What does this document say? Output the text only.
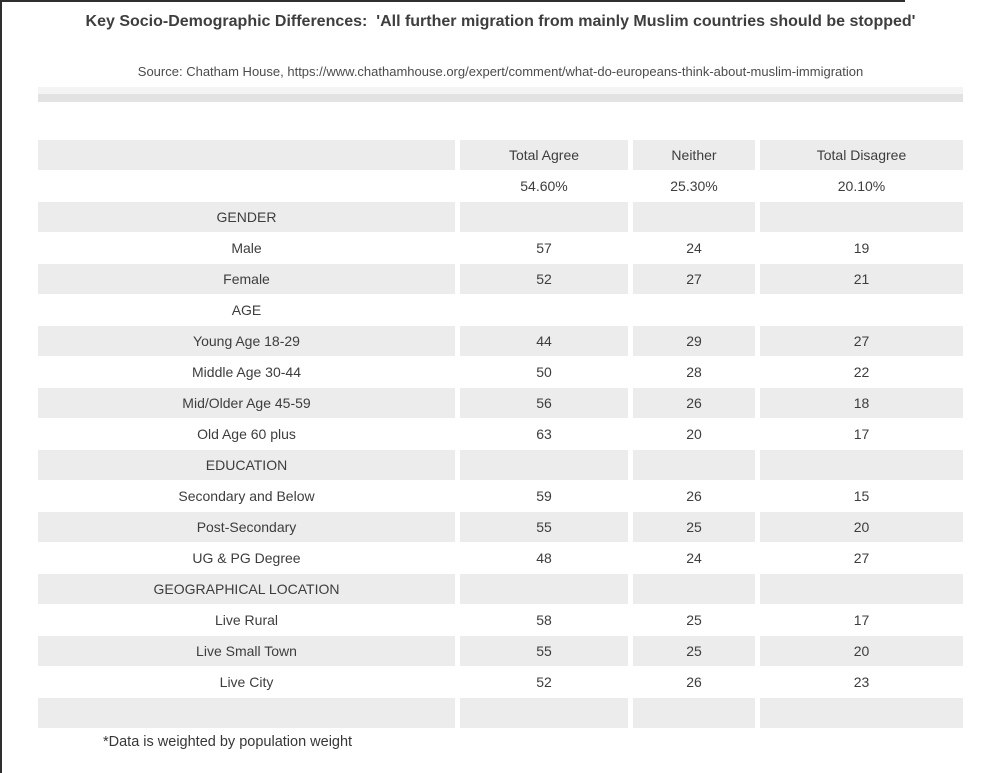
Key Socio-Demographic Differences:  'All further migration from mainly Muslim countries should be stopped'
Source: Chatham House, https://www.chathamhouse.org/expert/comment/what-do-europeans-think-about-muslim-immigration
Total Agree	Neither	Total Disagree
54.60%	25.30%	20.10%
GENDER
Male	57	24	19
Female	52	27	21
AGE
Young Age 18-29	44	29	27
Middle Age 30-44	50	28	22
Mid/Older Age 45-59	56	26	18
Old Age 60 plus	63	20	17
EDUCATION
Secondary and Below	59	26	15
Post-Secondary	55	25	20
UG & PG Degree	48	24	27
GEOGRAPHICAL LOCATION
Live Rural	58	25	17
Live Small Town	55	25	20
Live City	52	26	23
*Data is weighted by population weight
